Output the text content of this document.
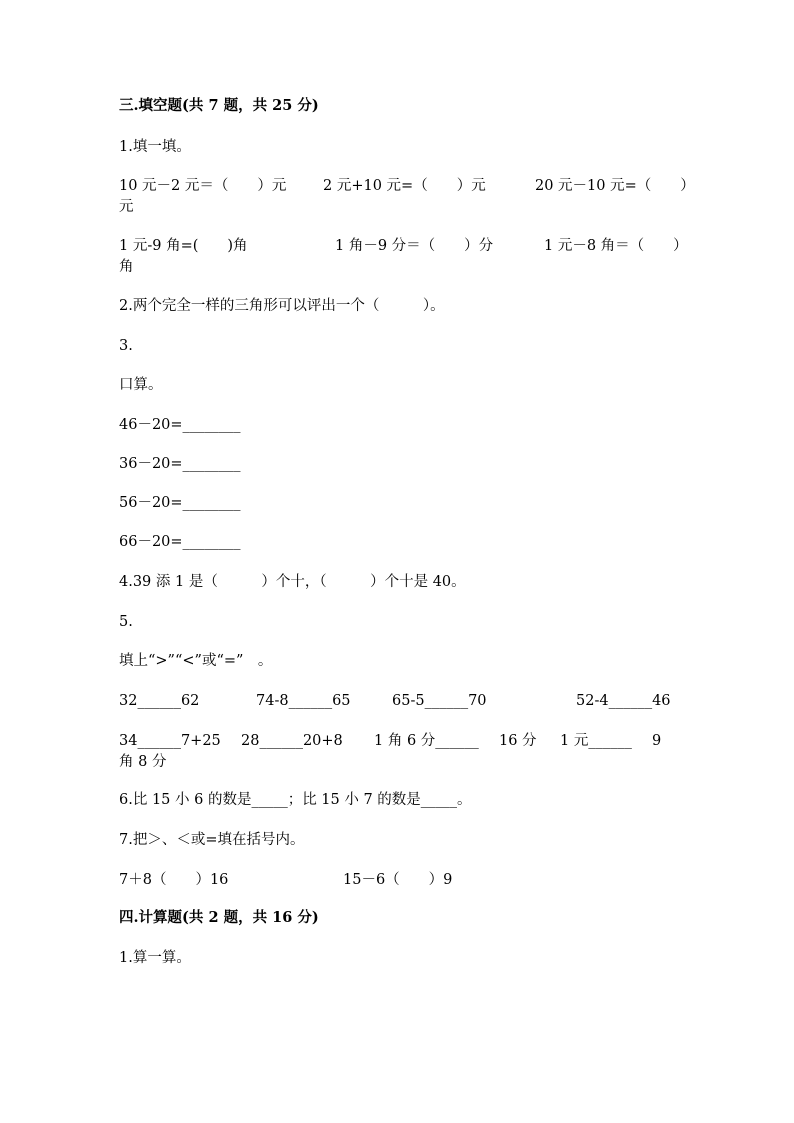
三.填空题(共 7 题，共 25 分)
1.填一填。
10 元－2 元＝（　　）元	2 元+10 元=（　　）元	20 元－10 元=（　　）
元
1 元-9 角=(　　)角	1 角－9 分＝（　　）分	1 元－8 角＝（　　）
角
2.两个完全一样的三角形可以评出一个（　　　）。
3.
口算。
46－20=________
36－20=________
56－20=________
66－20=________
4.39 添 1 是（　　　）个十，（　　　）个十是 40。
5.
填上“>”“<”或“=”　。
32______62	74-8______65	65-5______70	52-4______46
34______7+25 28______20+8 1 角 6 分______ 16 分 1 元______ 9
角 8 分
6.比 15 小 6 的数是_____；比 15 小 7 的数是_____。
7.把＞、＜或=填在括号内。
7＋8（　　）16	15－6（　　）9
四.计算题(共 2 题，共 16 分)
1.算一算。
